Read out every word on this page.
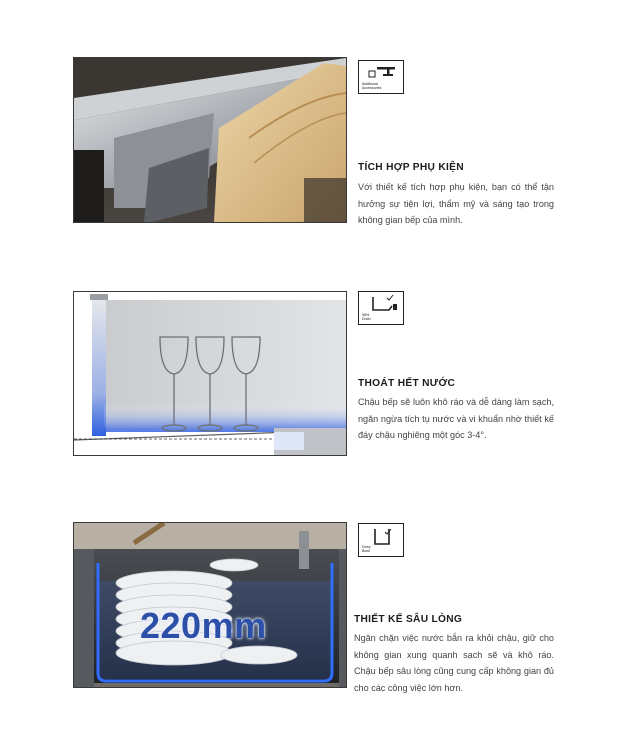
Additional
Accessories
TÍCH HỢP PHỤ KIỆN
Với thiết kế tích hợp phụ kiện, bạn có thể tận hưởng sự tiện lợi, thẩm mỹ và sáng tạo trong không gian bếp của mình.
98%
Drain
THOÁT HẾT NƯỚC
Chậu bếp sẽ luôn khô ráo và dễ dàng làm sạch, ngăn ngừa tích tụ nước và vi khuẩn nhờ thiết kế đáy chậu nghiêng một góc 3-4°.
220mm
Deep
Bowl
THIẾT KẾ SÂU LÒNG
Ngăn chặn việc nước bắn ra khỏi chậu, giữ cho không gian xung quanh sạch sẽ và khô ráo. Chậu bếp sâu lòng cũng cung cấp không gian đủ cho các công việc lớn hơn.
